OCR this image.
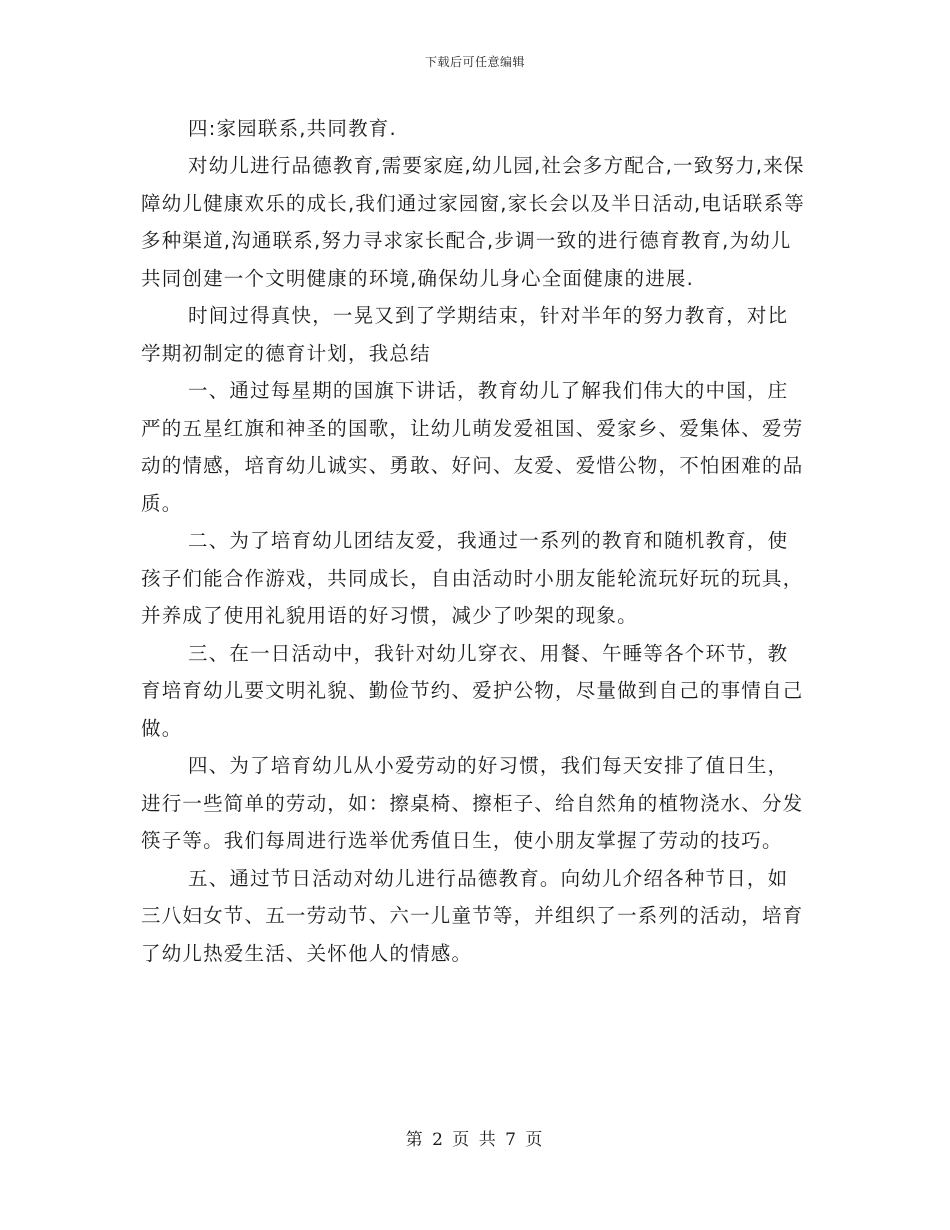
下载后可任意编辑

四:家园联系,共同教育.

对幼儿进行品德教育,需要家庭,幼儿园,社会多方配合,一致努力,来保障幼儿健康欢乐的成长,我们通过家园窗,家长会以及半日活动,电话联系等多种渠道,沟通联系,努力寻求家长配合,步调一致的进行德育教育,为幼儿共同创建一个文明健康的环境,确保幼儿身心全面健康的进展.

时间过得真快，一晃又到了学期结束，针对半年的努力教育，对比学期初制定的德育计划，我总结

一、通过每星期的国旗下讲话，教育幼儿了解我们伟大的中国，庄严的五星红旗和神圣的国歌，让幼儿萌发爱祖国、爱家乡、爱集体、爱劳动的情感，培育幼儿诚实、勇敢、好问、友爱、爱惜公物，不怕困难的品质。

二、为了培育幼儿团结友爱，我通过一系列的教育和随机教育，使孩子们能合作游戏，共同成长，自由活动时小朋友能轮流玩好玩的玩具，并养成了使用礼貌用语的好习惯，减少了吵架的现象。

三、在一日活动中，我针对幼儿穿衣、用餐、午睡等各个环节，教育培育幼儿要文明礼貌、勤俭节约、爱护公物，尽量做到自己的事情自己做。

四、为了培育幼儿从小爱劳动的好习惯，我们每天安排了值日生，进行一些简单的劳动，如：擦桌椅、擦柜子、给自然角的植物浇水、分发筷子等。我们每周进行选举优秀值日生，使小朋友掌握了劳动的技巧。

五、通过节日活动对幼儿进行品德教育。向幼儿介绍各种节日，如三八妇女节、五一劳动节、六一儿童节等，并组织了一系列的活动，培育了幼儿热爱生活、关怀他人的情感。

第 2 页 共 7 页
